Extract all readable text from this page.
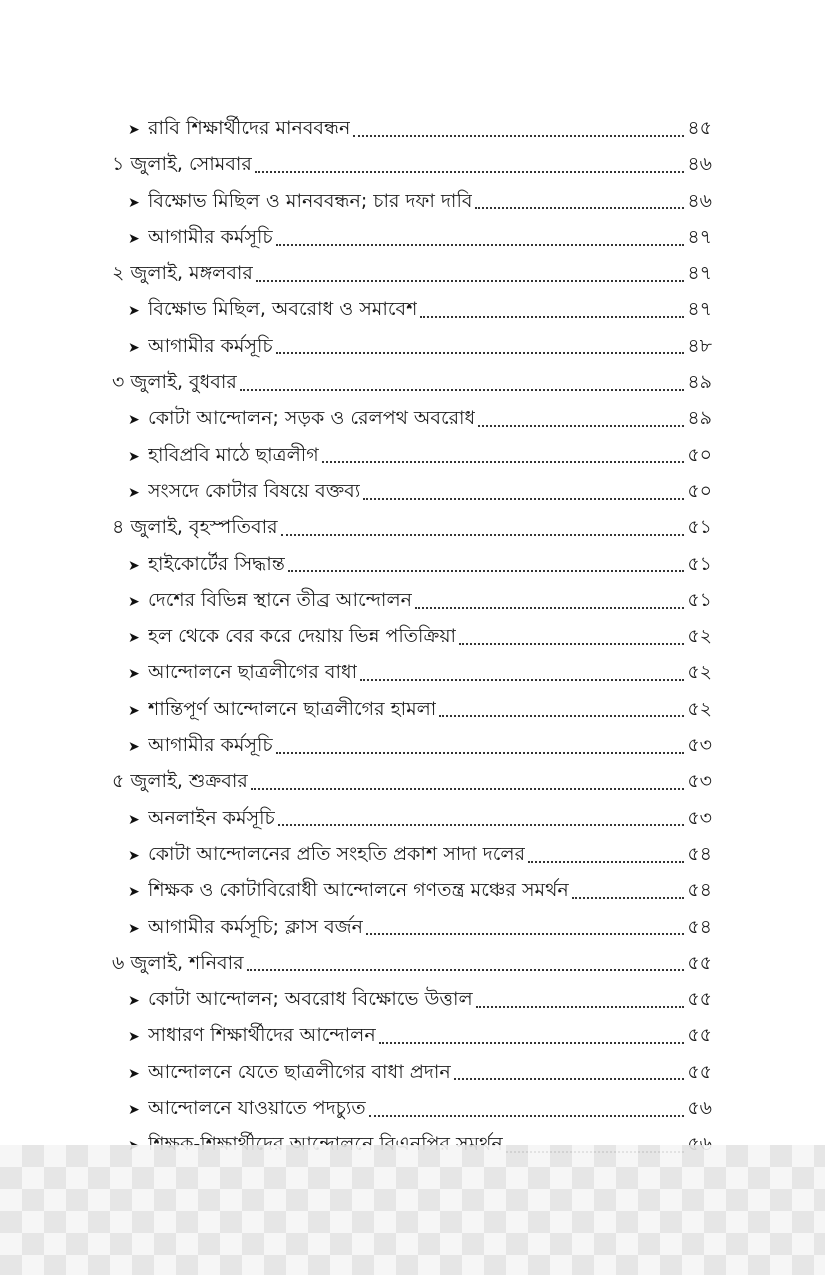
➤ রাবি শিক্ষার্থীদের মানববন্ধন	৪৫
১ জুলাই, সোমবার	৪৬
➤ বিক্ষোভ মিছিল ও মানববন্ধন; চার দফা দাবি	৪৬
➤ আগামীর কর্মসূচি	৪৭
২ জুলাই, মঙ্গলবার	৪৭
➤ বিক্ষোভ মিছিল, অবরোধ ও সমাবেশ	৪৭
➤ আগামীর কর্মসূচি	৪৮
৩ জুলাই, বুধবার	৪৯
➤ কোটা আন্দোলন; সড়ক ও রেলপথ অবরোধ	৪৯
➤ হাবিপ্রবি মাঠে ছাত্রলীগ	৫০
➤ সংসদে কোটার বিষয়ে বক্তব্য	৫০
৪ জুলাই, বৃহস্পতিবার	৫১
➤ হাইকোর্টের সিদ্ধান্ত	৫১
➤ দেশের বিভিন্ন স্থানে তীব্র আন্দোলন	৫১
➤ হল থেকে বের করে দেয়ায় ভিন্ন পতিক্রিয়া	৫২
➤ আন্দোলনে ছাত্রলীগের বাধা	৫২
➤ শান্তিপূর্ণ আন্দোলনে ছাত্রলীগের হামলা	৫২
➤ আগামীর কর্মসূচি	৫৩
৫ জুলাই, শুক্রবার	৫৩
➤ অনলাইন কর্মসূচি	৫৩
➤ কোটা আন্দোলনের প্রতি সংহতি প্রকাশ সাদা দলের	৫৪
➤ শিক্ষক ও কোটাবিরোধী আন্দোলনে গণতন্ত্র মঞ্চের সমর্থন	৫৪
➤ আগামীর কর্মসূচি; ক্লাস বর্জন	৫৪
৬ জুলাই, শনিবার	৫৫
➤ কোটা আন্দোলন; অবরোধ বিক্ষোভে উত্তাল	৫৫
➤ সাধারণ শিক্ষার্থীদের আন্দোলন	৫৫
➤ আন্দোলনে যেতে ছাত্রলীগের বাধা প্রদান	৫৫
➤ আন্দোলনে যাওয়াতে পদচ্যুত	৫৬
